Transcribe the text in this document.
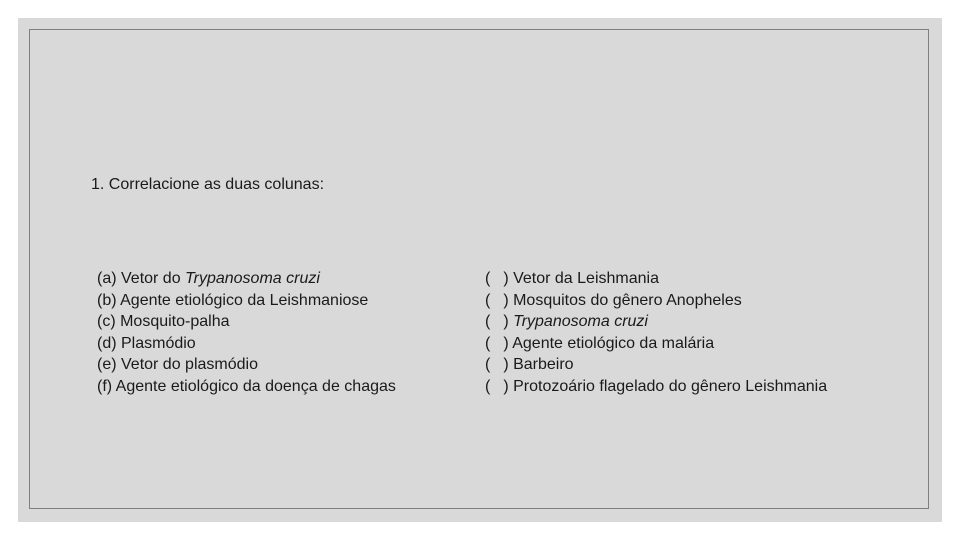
1. Correlacione as duas colunas:
(a) Vetor do Trypanosoma cruzi
(b) Agente etiológico da Leishmaniose
(c) Mosquito-palha
(d) Plasmódio
(e) Vetor do plasmódio
(f) Agente etiológico da doença de chagas
( ) Vetor da Leishmania
( ) Mosquitos do gênero Anopheles
( ) Trypanosoma cruzi
( ) Agente etiológico da malária
( ) Barbeiro
( ) Protozoário flagelado do gênero Leishmania
